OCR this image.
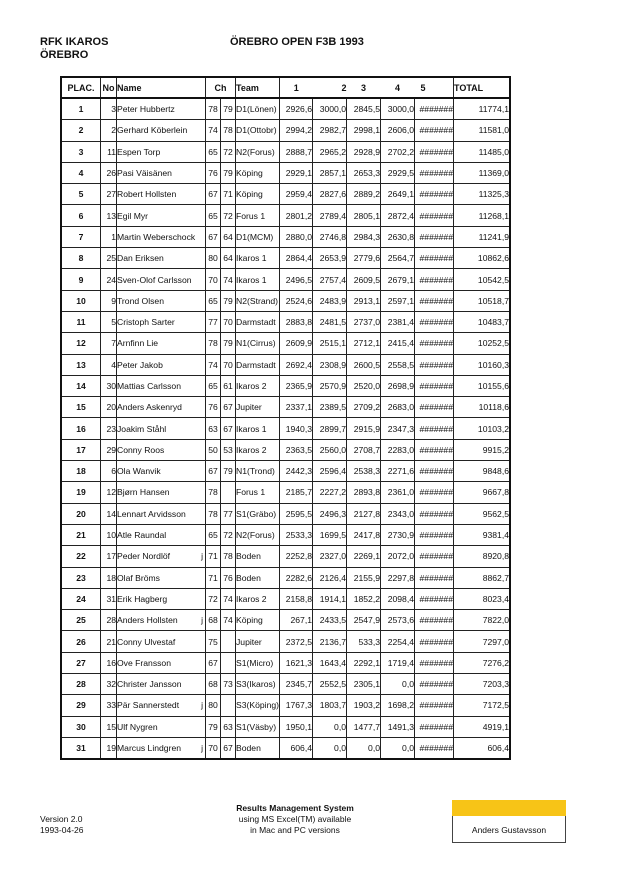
RFK IKAROS
ÖREBRO
ÖREBRO OPEN F3B 1993
PLAC.	No	Name	Ch		Team	1	2	3	4	5	TOTAL
1	3	Peter Hubbertz	78	79	D1(Lönen)	2926,6	3000,0	2845,5	3000,0	#######	11774,1
2	2	Gerhard Köberlein	74	78	D1(Ottobr)	2994,2	2982,7	2998,1	2606,0	#######	11581,0
3	11	Espen Torp	65	72	N2(Forus)	2888,7	2965,2	2928,9	2702,2	#######	11485,0
4	26	Pasi Väisänen	76	79	Köping	2929,1	2857,1	2653,3	2929,5	#######	11369,0
5	27	Robert Hollsten	67	71	Köping	2959,4	2827,6	2889,2	2649,1	#######	11325,3
6	13	Egil Myr	65	72	Forus 1	2801,2	2789,4	2805,1	2872,4	#######	11268,1
7	1	Martin Weberschock	67	64	D1(MCM)	2880,0	2746,8	2984,3	2630,8	#######	11241,9
8	25	Dan Eriksen	80	64	Ikaros 1	2864,4	2653,9	2779,6	2564,7	#######	10862,6
9	24	Sven-Olof Carlsson	70	74	Ikaros 1	2496,5	2757,4	2609,5	2679,1	#######	10542,5
10	9	Trond Olsen	65	79	N2(Strand)	2524,6	2483,9	2913,1	2597,1	#######	10518,7
11	5	Cristoph Sarter	77	70	Darmstadt	2883,8	2481,5	2737,0	2381,4	#######	10483,7
12	7	Arnfinn Lie	78	79	N1(Cirrus)	2609,9	2515,1	2712,1	2415,4	#######	10252,5
13	4	Peter Jakob	74	70	Darmstadt	2692,4	2308,9	2600,5	2558,5	#######	10160,3
14	30	Mattias Carlsson	65	61	Ikaros 2	2365,9	2570,9	2520,0	2698,9	#######	10155,6
15	20	Anders Askenryd	76	67	Jupiter	2337,1	2389,5	2709,2	2683,0	#######	10118,6
16	23	Joakim Ståhl	63	67	Ikaros 1	1940,3	2899,7	2915,9	2347,3	#######	10103,2
17	29	Conny Roos	50	53	Ikaros 2	2363,5	2560,0	2708,7	2283,0	#######	9915,2
18	6	Ola Wanvik	67	79	N1(Trond)	2442,3	2596,4	2538,3	2271,6	#######	9848,6
19	12	Bjørn Hansen	78		Forus 1	2185,7	2227,2	2893,8	2361,0	#######	9667,8
20	14	Lennart Arvidsson	78	77	S1(Gräbo)	2595,5	2496,3	2127,8	2343,0	#######	9562,5
21	10	Atle Raundal	65	72	N2(Forus)	2533,3	1699,5	2417,8	2730,9	#######	9381,4
22	17	Peder Nordlöf j	71	78	Boden	2252,8	2327,0	2269,1	2072,0	#######	8920,8
23	18	Olaf Bröms	71	76	Boden	2282,6	2126,4	2155,9	2297,8	#######	8862,7
24	31	Erik Hagberg	72	74	Ikaros 2	2158,8	1914,1	1852,2	2098,4	#######	8023,4
25	28	Anders Hollsten j	68	74	Köping	267,1	2433,5	2547,9	2573,6	#######	7822,0
26	21	Conny Ulvestaf	75		Jupiter	2372,5	2136,7	533,3	2254,4	#######	7297,0
27	16	Ove Fransson	67		S1(Micro)	1621,3	1643,4	2292,1	1719,4	#######	7276,2
28	32	Christer Jansson	68	73	S3(Ikaros)	2345,7	2552,5	2305,1	0,0	#######	7203,3
29	33	Pär Sannerstedt j	80		S3(Köping)	1767,3	1803,7	1903,2	1698,2	#######	7172,5
30	15	Ulf Nygren	79	63	S1(Väsby)	1950,1	0,0	1477,7	1491,3	#######	4919,1
31	19	Marcus Lindgren j	70	67	Boden	606,4	0,0	0,0	0,0	#######	606,4
Version 2.0
1993-04-26
Results Management System
using MS Excel(TM) available
in Mac and PC versions	Anders Gustavsson
